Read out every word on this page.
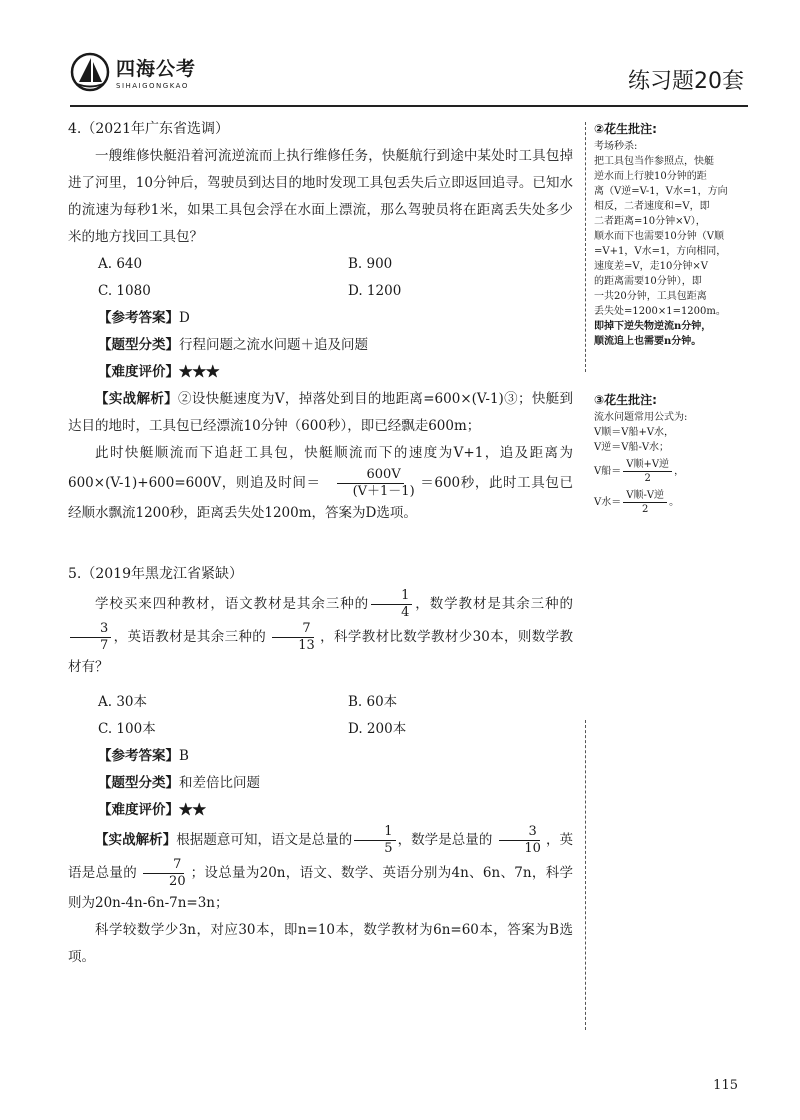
四海公考
SIHAIGONGKAO	练习题20套
4.（2021年广东省选调）
一艘维修快艇沿着河流逆流而上执行维修任务，快艇航行到途中某处时工具包掉进了河里，10分钟后，驾驶员到达目的地时发现工具包丢失后立即返回追寻。已知水的流速为每秒1米，如果工具包会浮在水面上漂流，那么驾驶员将在距离丢失处多少米的地方找回工具包？
A. 640	B. 900
C. 1080	D. 1200
【参考答案】D
【题型分类】行程问题之流水问题＋追及问题
【难度评价】★★★
【实战解析】②设快艇速度为V，掉落处到目的地距离=600×(V-1)③；快艇到达目的地时，工具包已经漂流10分钟（600秒），即已经飘走600m；
此时快艇顺流而下追赶工具包，快艇顺流而下的速度为V+1，追及距离为600×(V-1)+600=600V，则追及时间＝ $\frac{600V}{(V+1-1)} =600$秒，此时工具包已经顺水飘流1200秒，距离丢失处1200m，答案为D选项。
5.（2019年黑龙江省紧缺）
学校买来四种教材，语文教材是其余三种的 $\frac{1}{4}$ ，数学教材是其余三种的
$\frac{3}{7}$ ，英语教材是其余三种的 $\frac{7}{13}$ ，科学教材比数学教材少30本，则数学教材有？
A. 30本	B. 60本
C. 100本	D. 200本
【参考答案】B
【题型分类】和差倍比问题
【难度评价】★★
【实战解析】根据题意可知，语文是总量的 $\frac{1}{5}$ ，数学是总量的 $\frac{3}{10}$ ，英语是总量的 $\frac{7}{20}$ ；设总量为20n，语文、数学、英语分别为4n、6n、7n，科学则为20n-4n-6n-7n=3n；
科学较数学少3n，对应30本，即n=10本，数学教材为6n=60本，答案为B选项。
②花生批注:
考场秒杀:
把工具包当作参照点，快艇
逆水而上行驶10分钟的距
离（V逆=V-1，V水=1，方向
相反，二者速度和=V，即
二者距离=10分钟×V），
顺水而下也需要10分钟（V顺
=V+1，V水=1，方向相同，
速度差=V，走10分钟×V
的距离需要10分钟），即
一共20分钟，工具包距离
丢失处=1200×1=1200m。
即掉下逆失物逆流n分钟，
顺流追上也需要n分钟。
③花生批注:
流水问题常用公式为:
V顺＝V船+V水，
V逆＝V船-V水；
V船＝ $\frac{\text{V顺+V逆}}{2}$ ，
V水＝ $\frac{\text{V顺-V逆}}{2}$ 。
115
